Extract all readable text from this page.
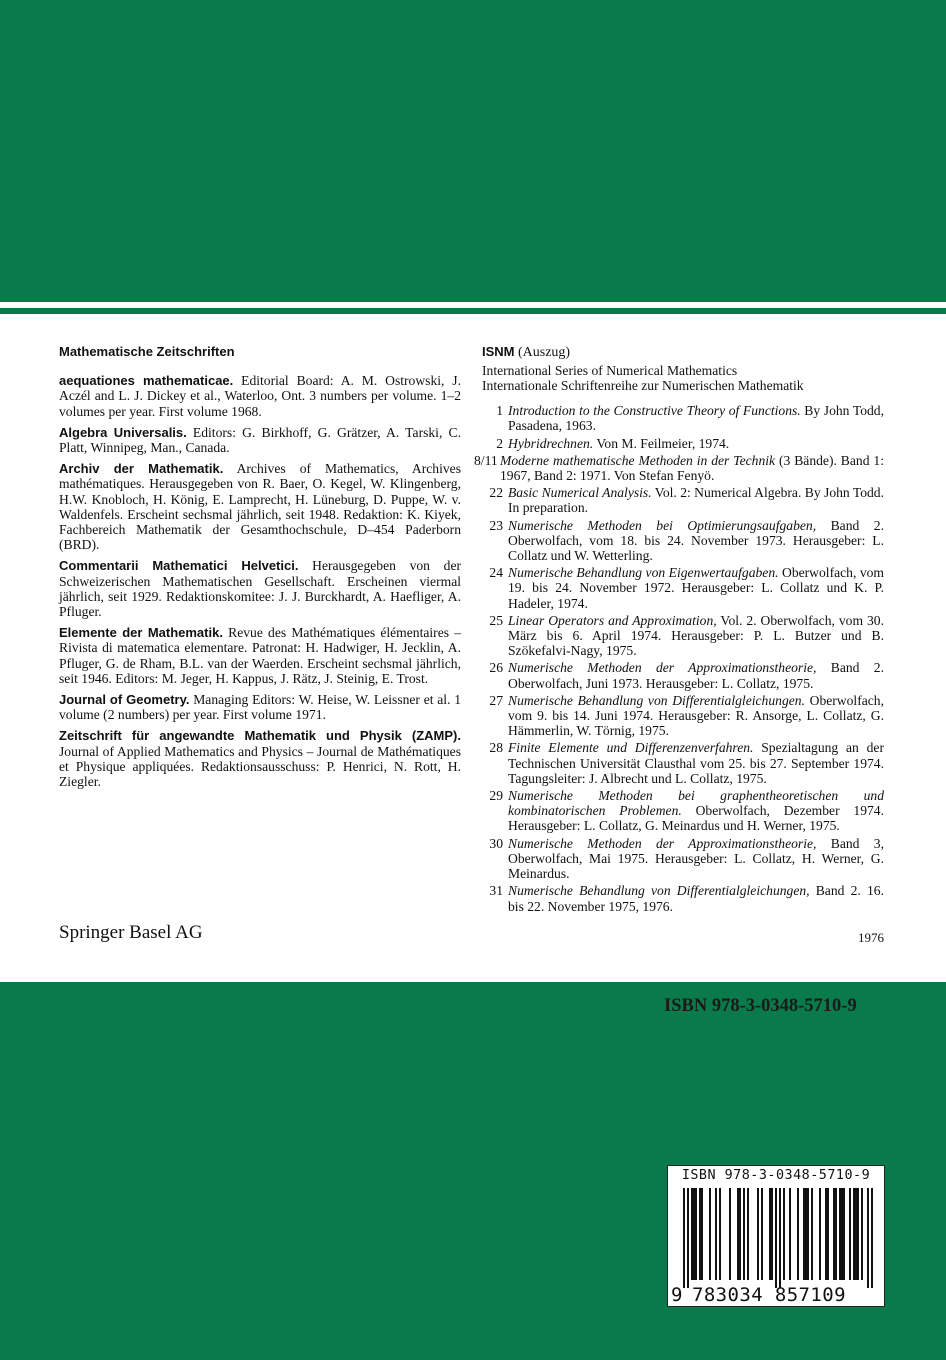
Mathematische Zeitschriften
aequationes mathematicae. Editorial Board: A. M. Ostrowski, J. Aczél and L. J. Dickey et al., Waterloo, Ont. 3 numbers per volume. 1–2 volumes per year. First volume 1968.
Algebra Universalis. Editors: G. Birkhoff, G. Grätzer, A. Tarski, C. Platt, Winnipeg, Man., Canada.
Archiv der Mathematik. Archives of Mathematics, Archives mathématiques. Herausgegeben von R. Baer, O. Kegel, W. Klingenberg, H.W. Knobloch, H. König, E. Lamprecht, H. Lüneburg, D. Puppe, W. v. Waldenfels. Erscheint sechsmal jährlich, seit 1948. Redaktion: K. Kiyek, Fachbereich Mathematik der Gesamthochschule, D–454 Paderborn (BRD).
Commentarii Mathematici Helvetici. Herausgegeben von der Schweizerischen Mathematischen Gesellschaft. Erscheinen viermal jährlich, seit 1929. Redaktionskomitee: J. J. Burckhardt, A. Haefliger, A. Pfluger.
Elemente der Mathematik. Revue des Mathématiques élémentaires – Rivista di matematica elementare. Patronat: H. Hadwiger, H. Jecklin, A. Pfluger, G. de Rham, B.L. van der Waerden. Erscheint sechsmal jährlich, seit 1946. Editors: M. Jeger, H. Kappus, J. Rätz, J. Steinig, E. Trost.
Journal of Geometry. Managing Editors: W. Heise, W. Leissner et al. 1 volume (2 numbers) per year. First volume 1971.
Zeitschrift für angewandte Mathematik und Physik (ZAMP). Journal of Applied Mathematics and Physics – Journal de Mathématiques et Physique appliquées. Redaktionsausschuss: P. Henrici, N. Rott, H. Ziegler.
ISNM (Auszug)
International Series of Numerical Mathematics
Internationale Schriftenreihe zur Numerischen Mathematik
1 Introduction to the Constructive Theory of Functions. By John Todd, Pasadena, 1963.
2 Hybridrechnen. Von M. Feilmeier, 1974.
8/11 Moderne mathematische Methoden in der Technik (3 Bände). Band 1: 1967, Band 2: 1971. Von Stefan Fenyö.
22 Basic Numerical Analysis. Vol. 2: Numerical Algebra. By John Todd. In preparation.
23 Numerische Methoden bei Optimierungsaufgaben, Band 2. Oberwolfach, vom 18. bis 24. November 1973. Herausgeber: L. Collatz und W. Wetterling.
24 Numerische Behandlung von Eigenwertaufgaben. Oberwolfach, vom 19. bis 24. November 1972. Herausgeber: L. Collatz und K. P. Hadeler, 1974.
25 Linear Operators and Approximation, Vol. 2. Oberwolfach, vom 30. März bis 6. April 1974. Herausgeber: P. L. Butzer und B. Szökefalvi-Nagy, 1975.
26 Numerische Methoden der Approximationstheorie, Band 2. Oberwolfach, Juni 1973. Herausgeber: L. Collatz, 1975.
27 Numerische Behandlung von Differentialgleichungen. Oberwolfach, vom 9. bis 14. Juni 1974. Herausgeber: R. Ansorge, L. Collatz, G. Hämmerlin, W. Törnig, 1975.
28 Finite Elemente und Differenzenverfahren. Spezialtagung an der Technischen Universität Clausthal vom 25. bis 27. September 1974. Tagungsleiter: J. Albrecht und L. Collatz, 1975.
29 Numerische Methoden bei graphentheoretischen und kombinatorischen Problemen. Oberwolfach, Dezember 1974. Herausgeber: L. Collatz, G. Meinardus und H. Werner, 1975.
30 Numerische Methoden der Approximationstheorie, Band 3, Oberwolfach, Mai 1975. Herausgeber: L. Collatz, H. Werner, G. Meinardus.
31 Numerische Behandlung von Differentialgleichungen, Band 2. 16. bis 22. November 1975, 1976.
Springer Basel AG	1976
ISBN 978-3-0348-5710-9
ISBN 978-3-0348-5710-9
9 783034 857109
